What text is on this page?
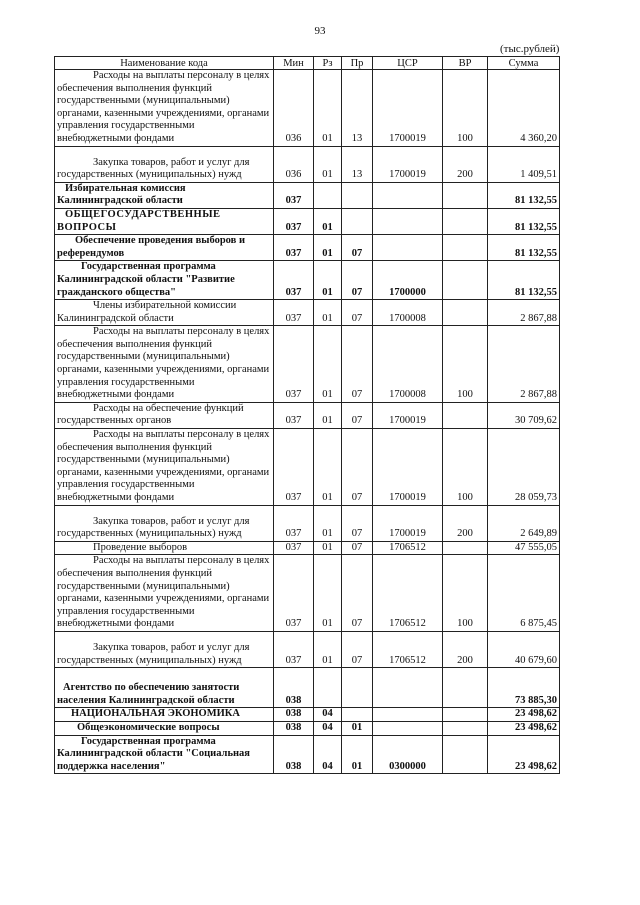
93
(тыс.рублей)
Наименование кода	Мин	Рз	Пр	ЦСР	ВР	Сумма
Расходы на выплаты персоналу в целях обеспечения выполнения функций государственными (муниципальными) органами, казенными учреждениями, органами управления государственными внебюджетными фондами	036	01	13	1700019	100	4 360,20
Закупка товаров, работ и услуг для государственных (муниципальных) нужд	036	01	13	1700019	200	1 409,51
Избирательная комиссия Калининградской области	037					81 132,55
ОБЩЕГОСУДАРСТВЕННЫЕ ВОПРОСЫ	037	01				81 132,55
Обеспечение проведения выборов и референдумов	037	01	07			81 132,55
Государственная программа Калининградской области "Развитие гражданского общества"	037	01	07	1700000		81 132,55
Члены избирательной комиссии Калининградской области	037	01	07	1700008		2 867,88
Расходы на выплаты персоналу в целях обеспечения выполнения функций государственными (муниципальными) органами, казенными учреждениями, органами управления государственными внебюджетными фондами	037	01	07	1700008	100	2 867,88
Расходы на обеспечение функций государственных органов	037	01	07	1700019		30 709,62
Расходы на выплаты персоналу в целях обеспечения выполнения функций государственными (муниципальными) органами, казенными учреждениями, органами управления государственными внебюджетными фондами	037	01	07	1700019	100	28 059,73
Закупка товаров, работ и услуг для государственных (муниципальных) нужд	037	01	07	1700019	200	2 649,89
Проведение выборов	037	01	07	1706512		47 555,05
Расходы на выплаты персоналу в целях обеспечения выполнения функций государственными (муниципальными) органами, казенными учреждениями, органами управления государственными внебюджетными фондами	037	01	07	1706512	100	6 875,45
Закупка товаров, работ и услуг для государственных (муниципальных) нужд	037	01	07	1706512	200	40 679,60
Агентство по обеспечению занятости населения Калининградской области	038					73 885,30
НАЦИОНАЛЬНАЯ ЭКОНОМИКА	038	04				23 498,62
Общеэкономические вопросы	038	04	01			23 498,62
Государственная программа Калининградской области "Социальная поддержка населения"	038	04	01	0300000		23 498,62
